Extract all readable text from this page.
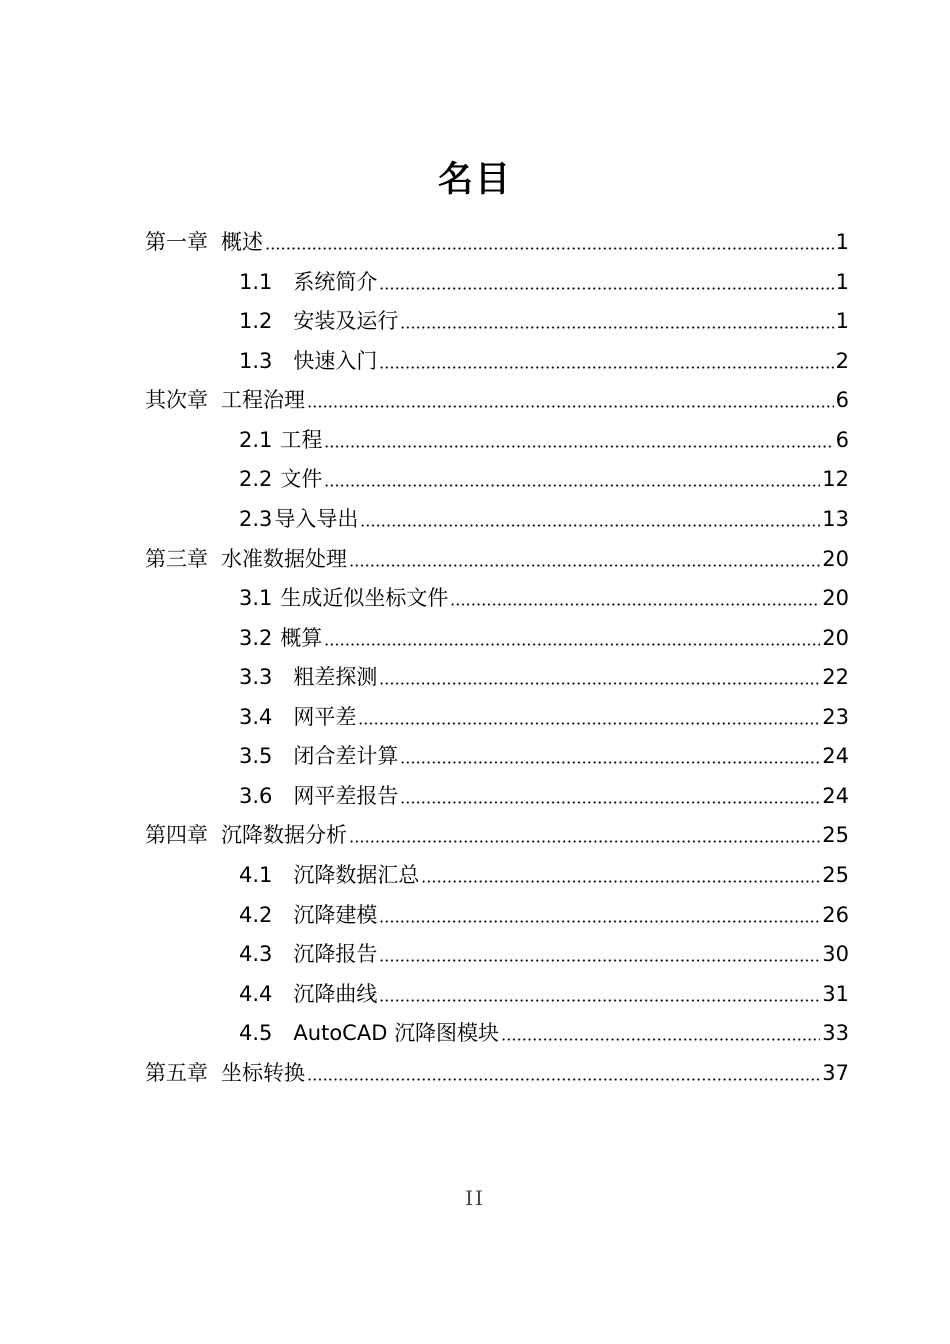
名目
第一章 概述	1
1.1 系统简介	1
1.2 安装及运行	1
1.3 快速入门	2
其次章 工程治理	6
2.1 工程	6
2.2 文件	12
2.3 导入导出	13
第三章 水准数据处理	20
3.1 生成近似坐标文件	20
3.2 概算	20
3.3 粗差探测	22
3.4 网平差	23
3.5 闭合差计算	24
3.6 网平差报告	24
第四章 沉降数据分析	25
4.1 沉降数据汇总	25
4.2 沉降建模	26
4.3 沉降报告	30
4.4 沉降曲线	31
4.5 AutoCAD 沉降图模块	33
第五章 坐标转换	37
II
